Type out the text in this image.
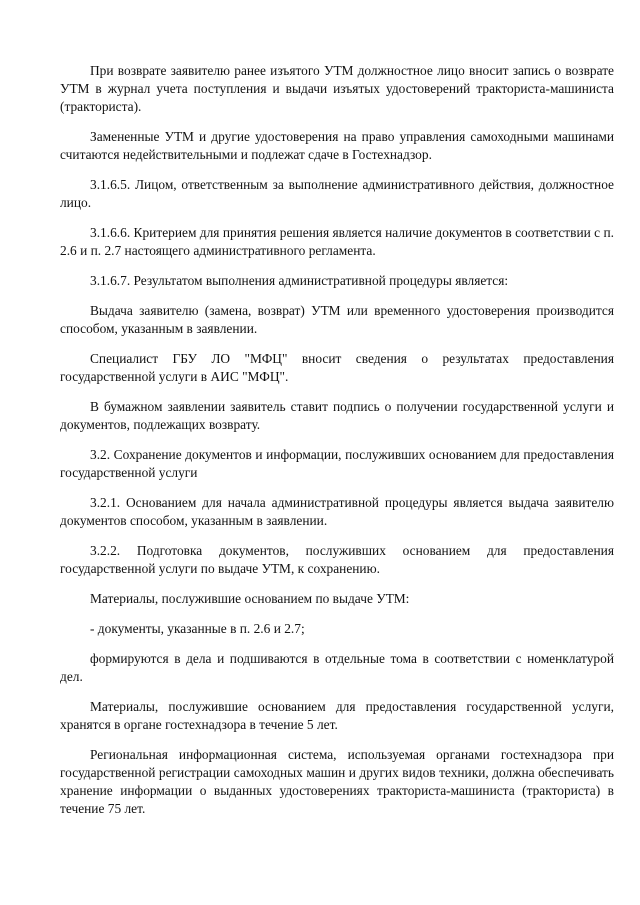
При возврате заявителю ранее изъятого УТМ должностное лицо вносит запись о возврате УТМ в журнал учета поступления и выдачи изъятых удостоверений тракториста-машиниста (тракториста).

Замененные УТМ и другие удостоверения на право управления самоходными машинами считаются недействительными и подлежат сдаче в Гостехнадзор.

3.1.6.5. Лицом, ответственным за выполнение административного действия, должностное лицо.

3.1.6.6. Критерием для принятия решения является наличие документов в соответствии с п. 2.6 и п. 2.7 настоящего административного регламента.

3.1.6.7. Результатом выполнения административной процедуры является:

Выдача заявителю (замена, возврат) УТМ или временного удостоверения производится способом, указанным в заявлении.

Специалист ГБУ ЛО "МФЦ" вносит сведения о результатах предоставления государственной услуги в АИС "МФЦ".

В бумажном заявлении заявитель ставит подпись о получении государственной услуги и документов, подлежащих возврату.

3.2. Сохранение документов и информации, послуживших основанием для предоставления государственной услуги

3.2.1. Основанием для начала административной процедуры является выдача заявителю документов способом, указанным в заявлении.

3.2.2. Подготовка документов, послуживших основанием для предоставления государственной услуги по выдаче УТМ, к сохранению.

Материалы, послужившие основанием по выдаче УТМ:

- документы, указанные в п. 2.6 и 2.7;

формируются в дела и подшиваются в отдельные тома в соответствии с номенклатурой дел.

Материалы, послужившие основанием для предоставления государственной услуги, хранятся в органе гостехнадзора в течение 5 лет.

Региональная информационная система, используемая органами гостехнадзора при государственной регистрации самоходных машин и других видов техники, должна обеспечивать хранение информации о выданных удостоверениях тракториста-машиниста (тракториста) в течение 75 лет.
